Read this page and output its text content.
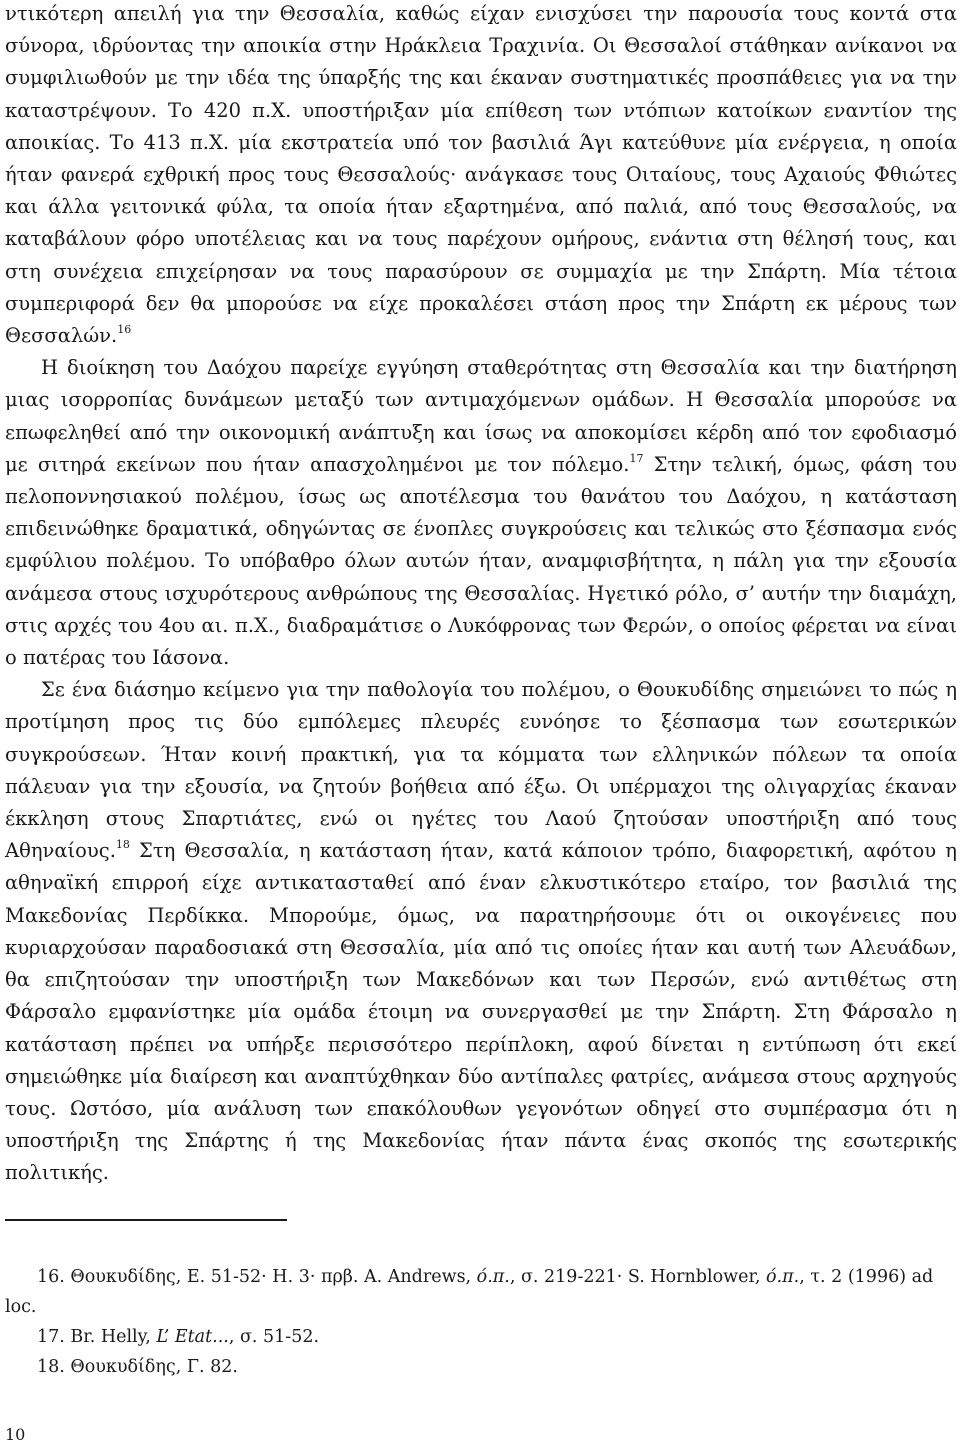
ντικότερη απειλή για την Θεσσαλία, καθώς είχαν ενισχύσει την παρουσία τους κοντά στα σύνορα, ιδρύοντας την αποικία στην Ηράκλεια Τραχινία. Οι Θεσσαλοί στάθηκαν ανίκανοι να συμφιλιωθούν με την ιδέα της ύπαρξής της και έκαναν συστηματικές προσπάθειες για να την καταστρέψουν. Το 420 π.Χ. υποστήριξαν μία επίθεση των ντόπιων κατοίκων εναντίον της αποικίας. Το 413 π.Χ. μία εκστρατεία υπό τον βασιλιά Άγι κατεύθυνε μία ενέργεια, η οποία ήταν φανερά εχθρική προς τους Θεσσαλούς· ανάγκασε τους Οιταίους, τους Αχαιούς Φθιώτες και άλλα γειτονικά φύλα, τα οποία ήταν εξαρτημένα, από παλιά, από τους Θεσσαλούς, να καταβάλουν φόρο υποτέλειας και να τους παρέχουν ομήρους, ενάντια στη θέλησή τους, και στη συνέχεια επιχείρησαν να τους παρασύρουν σε συμμαχία με την Σπάρτη. Μία τέτοια συμπεριφορά δεν θα μπορούσε να είχε προκαλέσει στάση προς την Σπάρτη εκ μέρους των Θεσσαλών.$^{16}$

Η διοίκηση του Δαόχου παρείχε εγγύηση σταθερότητας στη Θεσσαλία και την διατήρηση μιας ισορροπίας δυνάμεων μεταξύ των αντιμαχόμενων ομάδων. Η Θεσσαλία μπορούσε να επωφεληθεί από την οικονομική ανάπτυξη και ίσως να αποκομίσει κέρδη από τον εφοδιασμό με σιτηρά εκείνων που ήταν απασχολημένοι με τον πόλεμο.$^{17}$ Στην τελική, όμως, φάση του πελοποννησιακού πολέμου, ίσως ως αποτέλεσμα του θανάτου του Δαόχου, η κατάσταση επιδεινώθηκε δραματικά, οδηγώντας σε ένοπλες συγκρούσεις και τελικώς στο ξέσπασμα ενός εμφύλιου πολέμου. Το υπόβαθρο όλων αυτών ήταν, αναμφισβήτητα, η πάλη για την εξουσία ανάμεσα στους ισχυρότερους ανθρώπους της Θεσσαλίας. Ηγετικό ρόλο, σ’ αυτήν την διαμάχη, στις αρχές του 4ου αι. π.Χ., διαδραμάτισε ο Λυκόφρονας των Φερών, ο οποίος φέρεται να είναι ο πατέρας του Ιάσονα.

Σε ένα διάσημο κείμενο για την παθολογία του πολέμου, ο Θουκυδίδης σημειώνει το πώς η προτίμηση προς τις δύο εμπόλεμες πλευρές ευνόησε το ξέσπασμα των εσωτερικών συγκρούσεων. Ήταν κοινή πρακτική, για τα κόμματα των ελληνικών πόλεων τα οποία πάλευαν για την εξουσία, να ζητούν βοήθεια από έξω. Οι υπέρμαχοι της ολιγαρχίας έκαναν έκκληση στους Σπαρτιάτες, ενώ οι ηγέτες του Λαού ζητούσαν υποστήριξη από τους Αθηναίους.$^{18}$ Στη Θεσσαλία, η κατάσταση ήταν, κατά κάποιον τρόπο, διαφορετική, αφότου η αθηναϊκή επιρροή είχε αντικατασταθεί από έναν ελκυστικότερο εταίρο, τον βασιλιά της Μακεδονίας Περδίκκα. Μπορούμε, όμως, να παρατηρήσουμε ότι οι οικογένειες που κυριαρχούσαν παραδοσιακά στη Θεσσαλία, μία από τις οποίες ήταν και αυτή των Αλευάδων, θα επιζητούσαν την υποστήριξη των Μακεδόνων και των Περσών, ενώ αντιθέτως στη Φάρσαλο εμφανίστηκε μία ομάδα έτοιμη να συνεργασθεί με την Σπάρτη. Στη Φάρσαλο η κατάσταση πρέπει να υπήρξε περισσότερο περίπλοκη, αφού δίνεται η εντύπωση ότι εκεί σημειώθηκε μία διαίρεση και αναπτύχθηκαν δύο αντίπαλες φατρίες, ανάμεσα στους αρχηγούς τους. Ωστόσο, μία ανάλυση των επακόλουθων γεγονότων οδηγεί στο συμπέρασμα ότι η υποστήριξη της Σπάρτης ή της Μακεδονίας ήταν πάντα ένας σκοπός της εσωτερικής πολιτικής.

16. Θουκυδίδης, Ε. 51-52· Η. 3· πρβ. Α. Andrews, ό.π., σ. 219-221· S. Hornblower, ό.π., τ. 2 (1996) ad loc.

17. Br. Helly, L’ Etat..., σ. 51-52.

18. Θουκυδίδης, Γ. 82.

10
